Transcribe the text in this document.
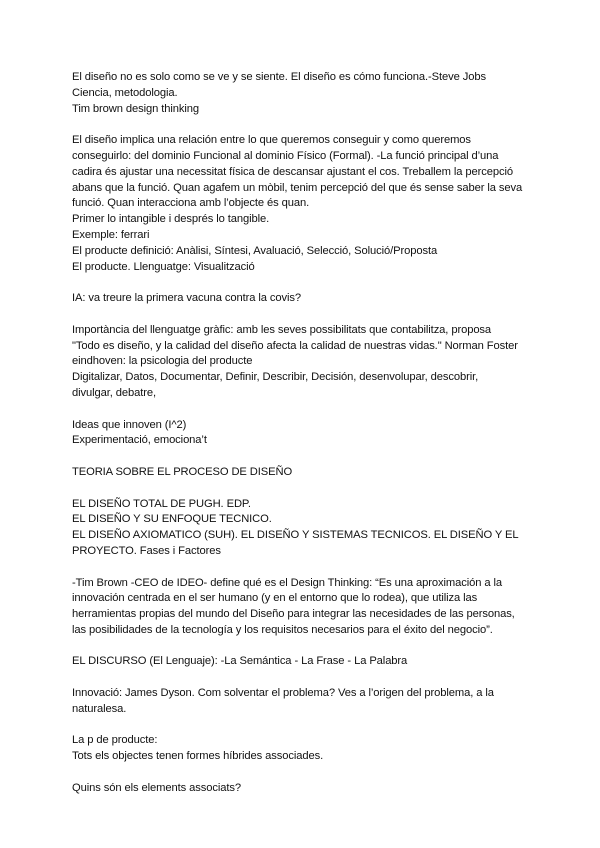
El diseño no es solo como se ve y se siente. El diseño es cómo funciona.-Steve Jobs
Ciencia, metodologia.
Tim brown design thinking
El diseño implica una relación entre lo que queremos conseguir y como queremos
conseguirlo: del dominio Funcional al dominio Físico (Formal). -La funció principal d’una
cadira és ajustar una necessitat física de descansar ajustant el cos. Treballem la percepció
abans que la funció. Quan agafem un mòbil, tenim percepció del que és sense saber la seva
funció. Quan interacciona amb l’objecte és quan.
Primer lo intangible i després lo tangible.
Exemple: ferrari
El producte definició: Anàlisi, Síntesi, Avaluació, Selecció, Solució/Proposta
El producte. Llenguatge: Visualització
IA: va treure la primera vacuna contra la covis?
Importància del llenguatge gràfic: amb les seves possibilitats que contabilitza, proposa
"Todo es diseño, y la calidad del diseño afecta la calidad de nuestras vidas." Norman Foster
eindhoven: la psicologia del producte
Digitalizar, Datos, Documentar, Definir, Describir, Decisión, desenvolupar, descobrir,
divulgar, debatre,
Ideas que innoven (I^2)
Experimentació, emociona’t
TEORIA SOBRE EL PROCESO DE DISEÑO
EL DISEÑO TOTAL DE PUGH. EDP.
EL DISEÑO Y SU ENFOQUE TECNICO.
EL DISEÑO AXIOMATICO (SUH). EL DISEÑO Y SISTEMAS TECNICOS. EL DISEÑO Y EL
PROYECTO. Fases i Factores
-Tim Brown -CEO de IDEO- define qué es el Design Thinking: “Es una aproximación a la
innovación centrada en el ser humano (y en el entorno que lo rodea), que utiliza las
herramientas propias del mundo del Diseño para integrar las necesidades de las personas,
las posibilidades de la tecnología y los requisitos necesarios para el éxito del negocio”.
EL DISCURSO (El Lenguaje): -La Semántica - La Frase - La Palabra
Innovació: James Dyson. Com solventar el problema? Ves a l’origen del problema, a la
naturalesa.
La p de producte:
Tots els objectes tenen formes híbrides associades.
Quins són els elements associats?
